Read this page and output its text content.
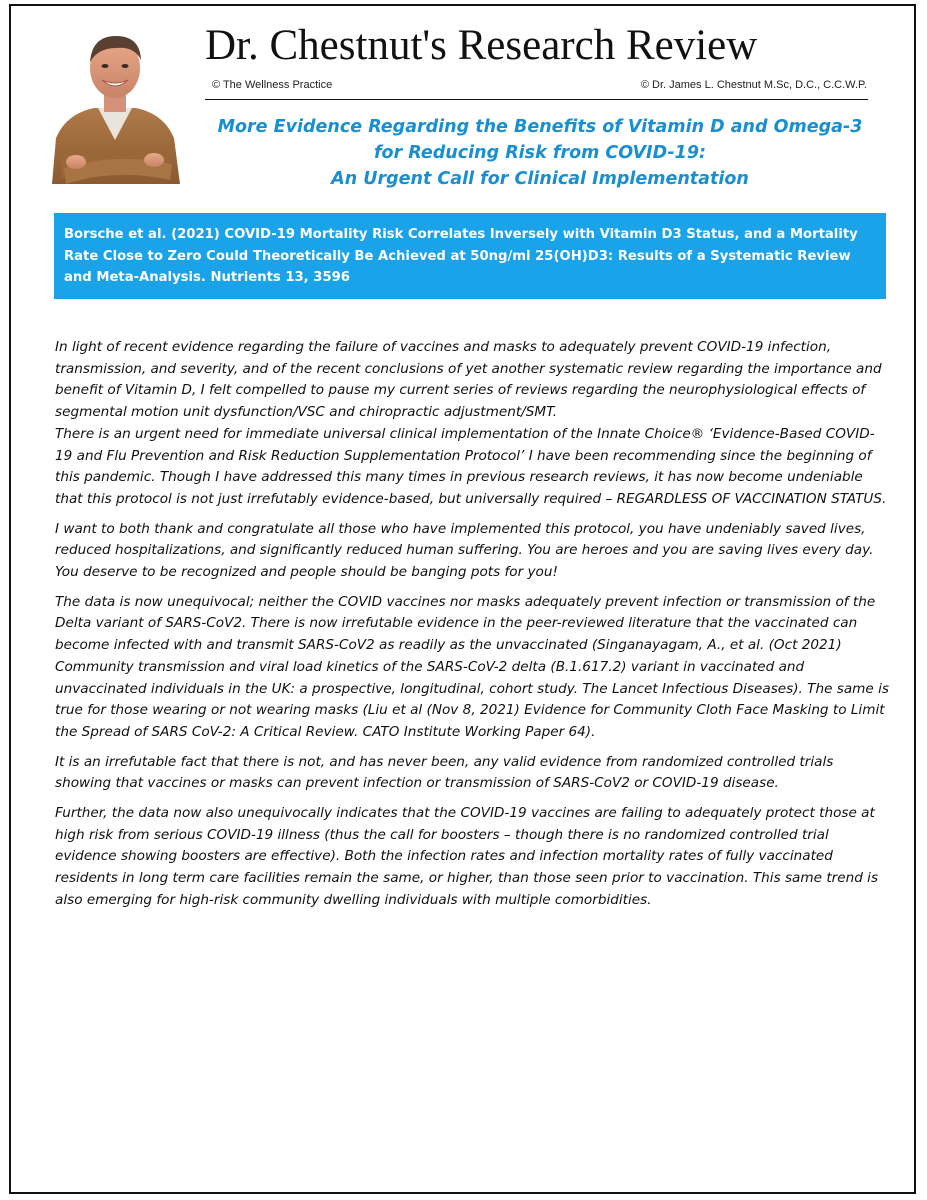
Dr. Chestnut's Research Review
© The Wellness Practice	© Dr. James L. Chestnut M.Sc, D.C., C.C.W.P.
More Evidence Regarding the Benefits of Vitamin D and Omega-3
for Reducing Risk from COVID-19:
An Urgent Call for Clinical Implementation
Borsche et al. (2021) COVID-19 Mortality Risk Correlates Inversely with Vitamin D3 Status, and a Mortality Rate Close to Zero Could Theoretically Be Achieved at 50ng/ml 25(OH)D3: Results of a Systematic Review and Meta-Analysis. Nutrients 13, 3596

In light of recent evidence regarding the failure of vaccines and masks to adequately prevent COVID-19 infection, transmission, and severity, and of the recent conclusions of yet another systematic review regarding the importance and benefit of Vitamin D, I felt compelled to pause my current series of reviews regarding the neurophysiological effects of segmental motion unit dysfunction/VSC and chiropractic adjustment/SMT.
There is an urgent need for immediate universal clinical implementation of the Innate Choice® ‘Evidence-Based COVID-19 and Flu Prevention and Risk Reduction Supplementation Protocol’ I have been recommending since the beginning of this pandemic. Though I have addressed this many times in previous research reviews, it has now become undeniable that this protocol is not just irrefutably evidence-based, but universally required – REGARDLESS OF VACCINATION STATUS.

I want to both thank and congratulate all those who have implemented this protocol, you have undeniably saved lives, reduced hospitalizations, and significantly reduced human suffering. You are heroes and you are saving lives every day. You deserve to be recognized and people should be banging pots for you!

The data is now unequivocal; neither the COVID vaccines nor masks adequately prevent infection or transmission of the Delta variant of SARS-CoV2. There is now irrefutable evidence in the peer-reviewed literature that the vaccinated can become infected with and transmit SARS-CoV2 as readily as the unvaccinated (Singanayagam, A., et al. (Oct 2021) Community transmission and viral load kinetics of the SARS-CoV-2 delta (B.1.617.2) variant in vaccinated and unvaccinated individuals in the UK: a prospective, longitudinal, cohort study. The Lancet Infectious Diseases). The same is true for those wearing or not wearing masks (Liu et al (Nov 8, 2021) Evidence for Community Cloth Face Masking to Limit the Spread of SARS CoV-2: A Critical Review. CATO Institute Working Paper 64).

It is an irrefutable fact that there is not, and has never been, any valid evidence from randomized controlled trials showing that vaccines or masks can prevent infection or transmission of SARS-CoV2 or COVID-19 disease.

Further, the data now also unequivocally indicates that the COVID-19 vaccines are failing to adequately protect those at high risk from serious COVID-19 illness (thus the call for boosters – though there is no randomized controlled trial evidence showing boosters are effective). Both the infection rates and infection mortality rates of fully vaccinated residents in long term care facilities remain the same, or higher, than those seen prior to vaccination. This same trend is also emerging for high-risk community dwelling individuals with multiple comorbidities.
